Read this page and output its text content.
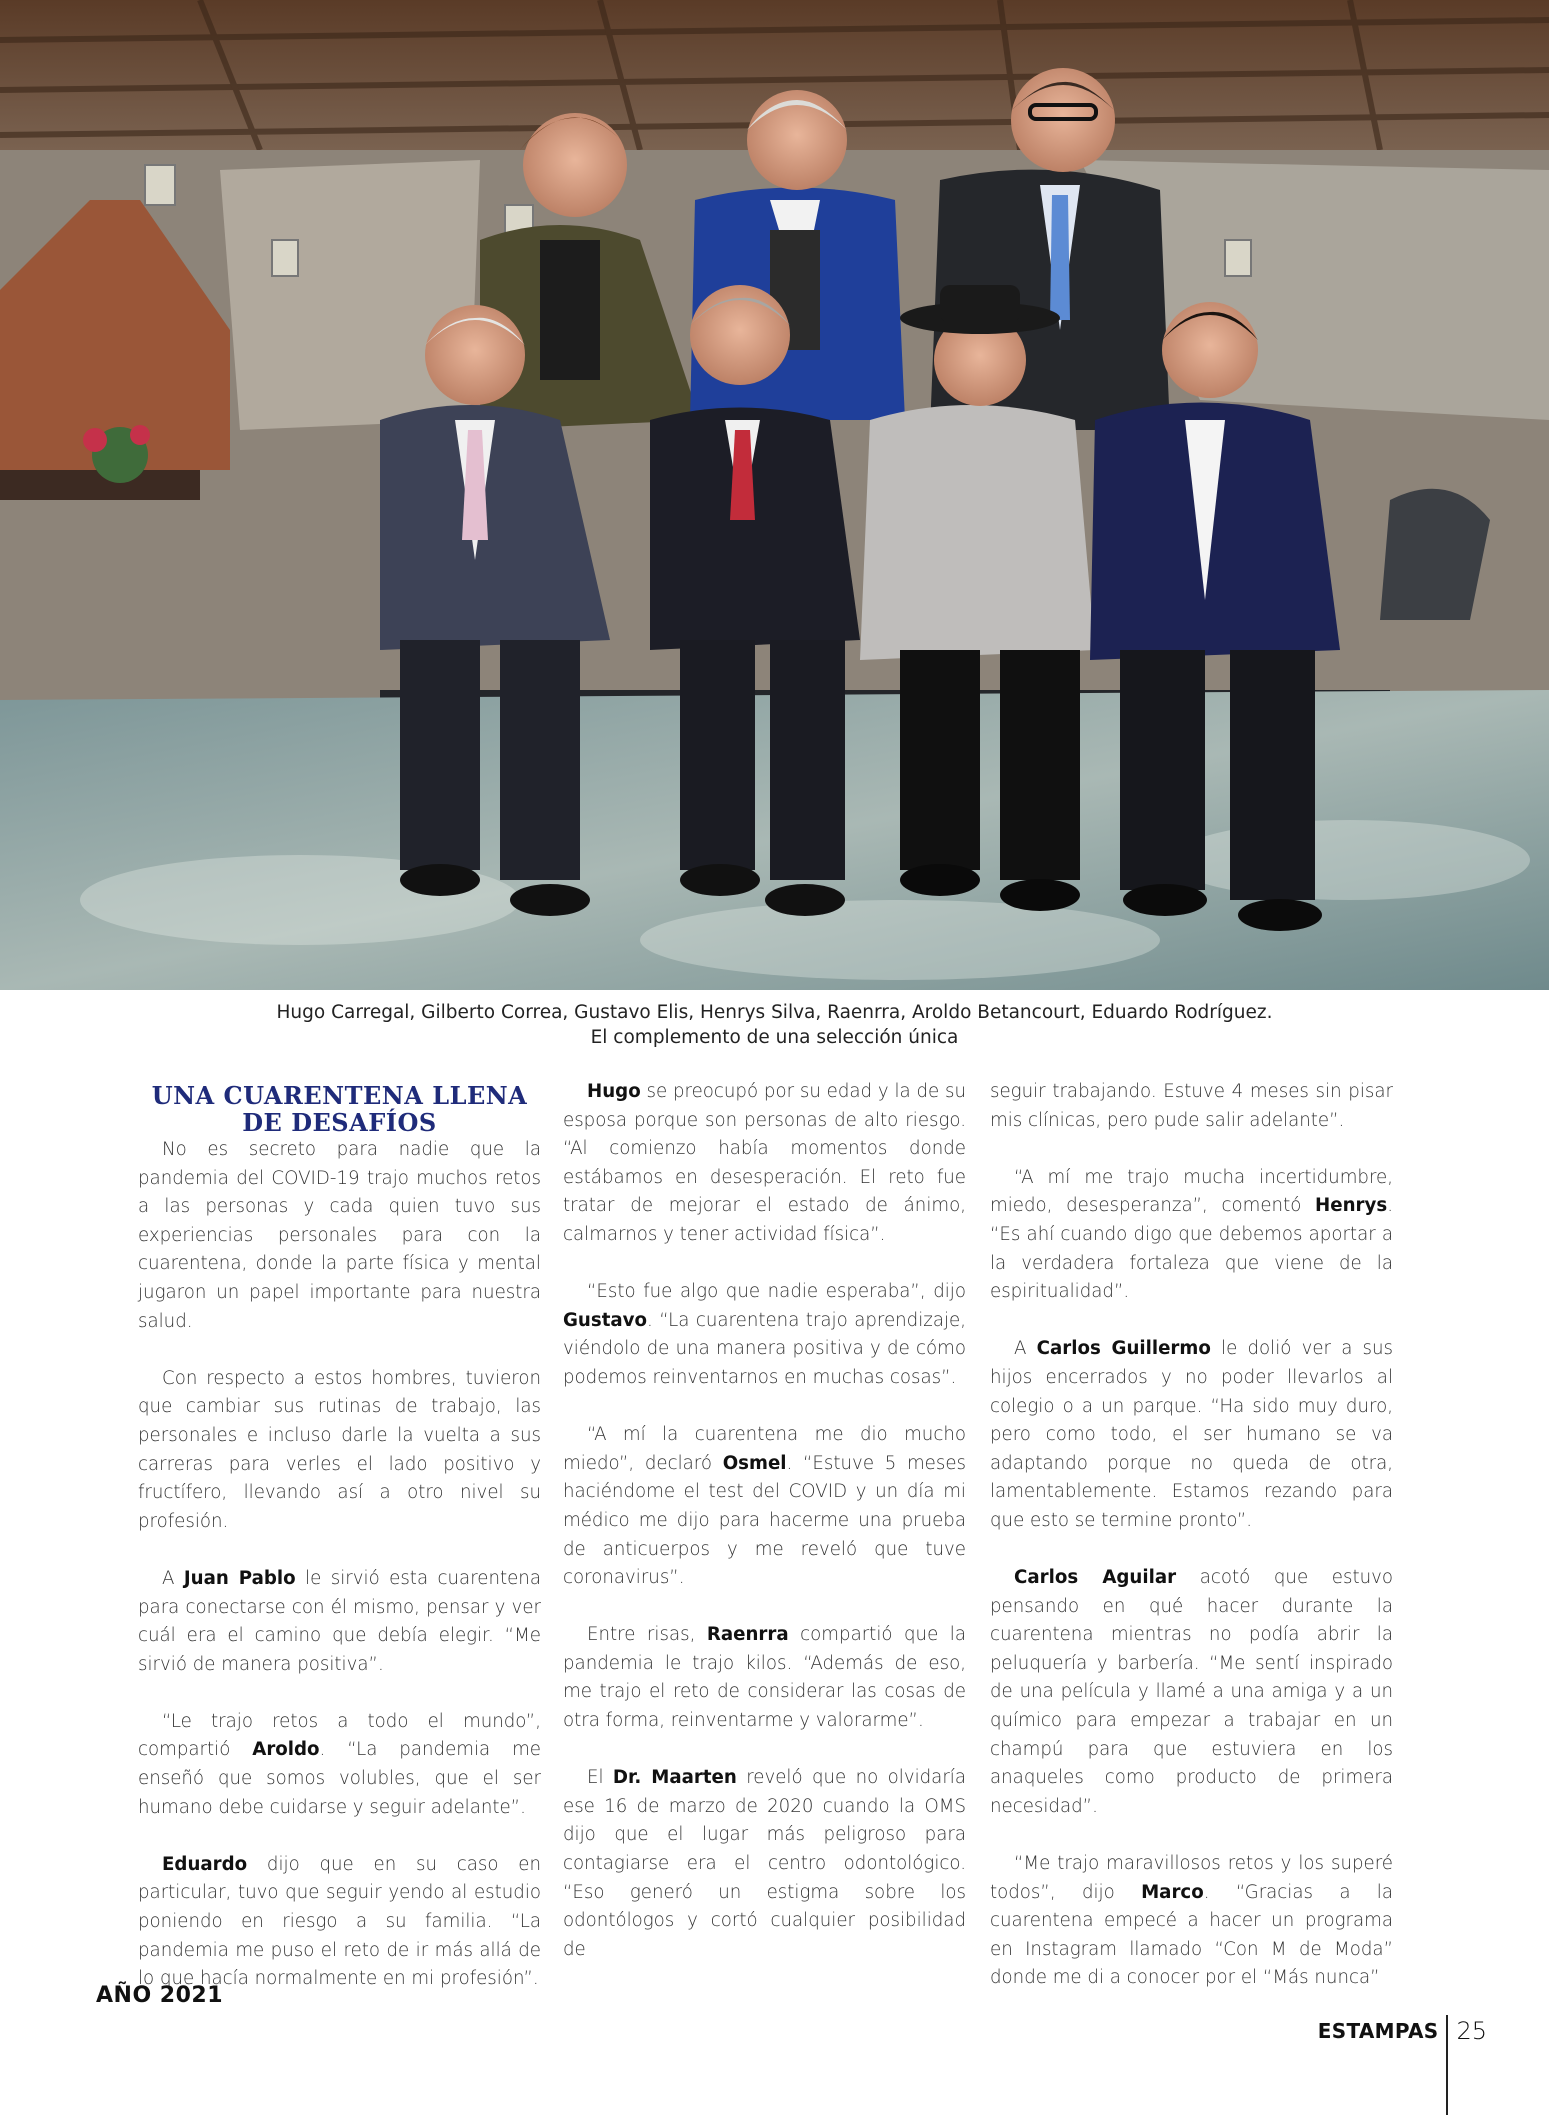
Hugo Carregal, Gilberto Correa, Gustavo Elis, Henrys Silva, Raenrra, Aroldo Betancourt, Eduardo Rodríguez.
El complemento de una selección única
UNA CUARENTENA LLENA DE DESAFÍOS

No es secreto para nadie que la pandemia del COVID-19 trajo muchos retos a las personas y cada quien tuvo sus experiencias personales para con la cuarentena, donde la parte física y mental jugaron un papel importante para nuestra salud.

Con respecto a estos hombres, tuvieron que cambiar sus rutinas de trabajo, las personales e incluso darle la vuelta a sus carreras para verles el lado positivo y fructífero, llevando así a otro nivel su profesión.

A Juan Pablo le sirvió esta cuarentena para conectarse con él mismo, pensar y ver cuál era el camino que debía elegir. “Me sirvió de manera positiva”.

“Le trajo retos a todo el mundo”, compartió Aroldo. “La pandemia me enseñó que somos volubles, que el ser humano debe cuidarse y seguir adelante”.

Eduardo dijo que en su caso en particular, tuvo que seguir yendo al estudio poniendo en riesgo a su familia. “La pandemia me puso el reto de ir más allá de lo que hacía normalmente en mi profesión”.

Hugo se preocupó por su edad y la de su esposa porque son personas de alto riesgo. “Al comienzo había momentos donde estábamos en desesperación. El reto fue tratar de mejorar el estado de ánimo, calmarnos y tener actividad física”.

“Esto fue algo que nadie esperaba”, dijo Gustavo. “La cuarentena trajo aprendizaje, viéndolo de una manera positiva y de cómo podemos reinventarnos en muchas cosas”.

“A mí la cuarentena me dio mucho miedo”, declaró Osmel. “Estuve 5 meses haciéndome el test del COVID y un día mi médico me dijo para hacerme una prueba de anticuerpos y me reveló que tuve coronavirus”.

Entre risas, Raenrra compartió que la pandemia le trajo kilos. “Además de eso, me trajo el reto de considerar las cosas de otra forma, reinventarme y valorarme”.

El Dr. Maarten reveló que no olvidaría ese 16 de marzo de 2020 cuando la OMS dijo que el lugar más peligroso para contagiarse era el centro odontológico. “Eso generó un estigma sobre los odontólogos y cortó cualquier posibilidad de

seguir trabajando. Estuve 4 meses sin pisar mis clínicas, pero pude salir adelante”.

“A mí me trajo mucha incertidumbre, miedo, desesperanza”, comentó Henrys. “Es ahí cuando digo que debemos aportar a la verdadera fortaleza que viene de la espiritualidad”.

A Carlos Guillermo le dolió ver a sus hijos encerrados y no poder llevarlos al colegio o a un parque. “Ha sido muy duro, pero como todo, el ser humano se va adaptando porque no queda de otra, lamentablemente. Estamos rezando para que esto se termine pronto”.

Carlos Aguilar acotó que estuvo pensando en qué hacer durante la cuarentena mientras no podía abrir la peluquería y barbería. “Me sentí inspirado de una película y llamé a una amiga y a un químico para empezar a trabajar en un champú para que estuviera en los anaqueles como producto de primera necesidad”.

“Me trajo maravillosos retos y los superé todos”, dijo Marco. “Gracias a la cuarentena empecé a hacer un programa en Instagram llamado “Con M de Moda” donde me di a conocer por el “Más nunca”

AÑO 2021
ESTAMPAS 25
